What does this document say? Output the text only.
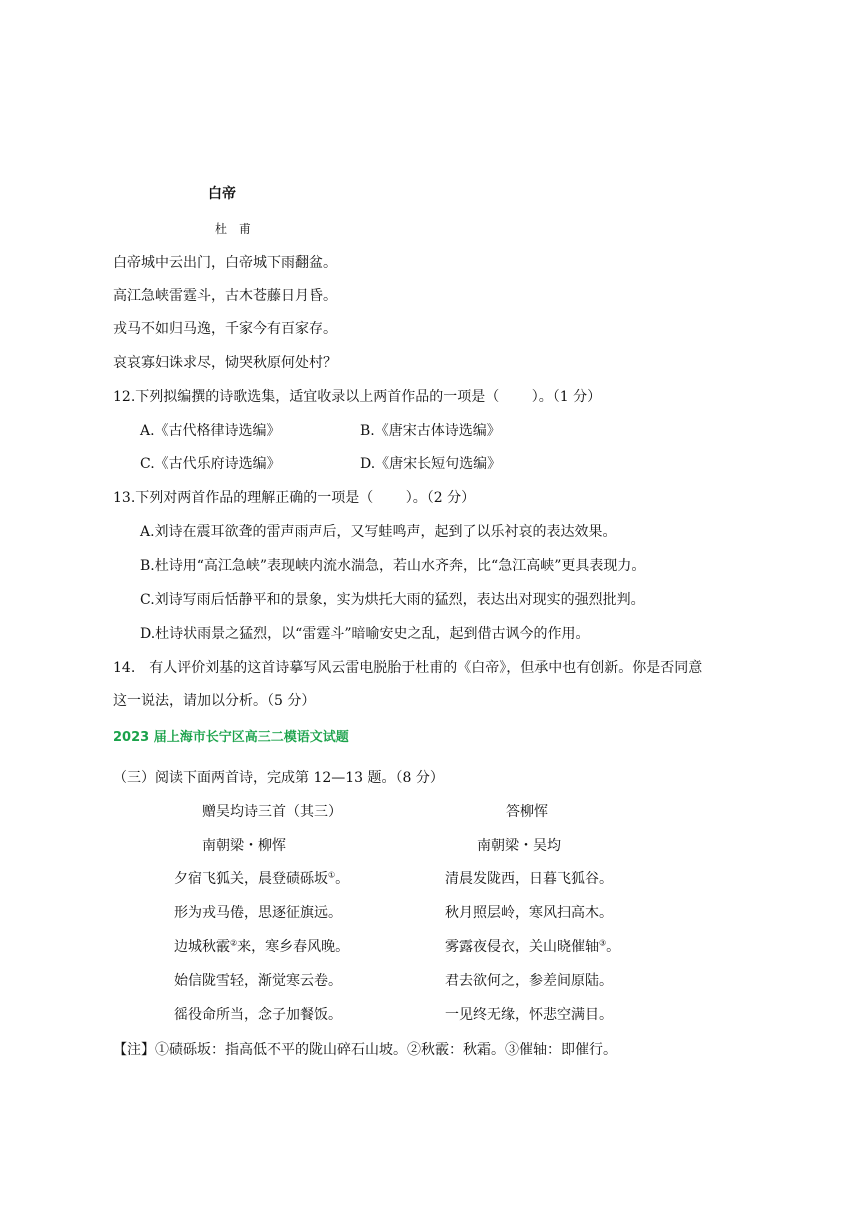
白帝
杜 甫
白帝城中云出门，白帝城下雨翻盆。
高江急峡雷霆斗，古木苍藤日月昏。
戎马不如归马逸，千家今有百家存。
哀哀寡妇诛求尽，恸哭秋原何处村？
12.下列拟编撰的诗歌选集，适宜收录以上两首作品的一项是（　　 ）。（1 分）
A.《古代格律诗选编》	B.《唐宋古体诗选编》
C.《古代乐府诗选编》	D.《唐宋长短句选编》
13.下列对两首作品的理解正确的一项是（　　 ）。（2 分）
A.刘诗在震耳欲聋的雷声雨声后，又写蛙鸣声，起到了以乐衬哀的表达效果。
B.杜诗用“高江急峡”表现峡内流水湍急，若山水齐奔，比“急江高峡”更具表现力。
C.刘诗写雨后恬静平和的景象，实为烘托大雨的猛烈，表达出对现实的强烈批判。
D.杜诗状雨景之猛烈，以“雷霆斗”暗喻安史之乱，起到借古讽今的作用。
14.　有人评价刘基的这首诗摹写风云雷电脱胎于杜甫的《白帝》，但承中也有创新。你是否同意
这一说法，请加以分析。（5 分）
2023 届上海市长宁区高三二模语文试题
（三）阅读下面两首诗，完成第 12—13 题。（8 分）
赠吴均诗三首（其三）
南朝梁・柳恽
夕宿飞狐关，晨登碛砾坂①。
形为戎马倦，思逐征旗远。
边城秋霰②来，寒乡春风晚。
始信陇雪轻，渐觉寒云卷。
徭役命所当，念子加餐饭。
答柳恽
南朝梁・吴均
清晨发陇西，日暮飞狐谷。
秋月照层岭，寒风扫高木。
雾露夜侵衣，关山晓催轴③。
君去欲何之，参差间原陆。
一见终无缘，怀悲空满目。
【注】①碛砾坂：指高低不平的陇山碎石山坡。②秋霰：秋霜。③催轴：即催行。
